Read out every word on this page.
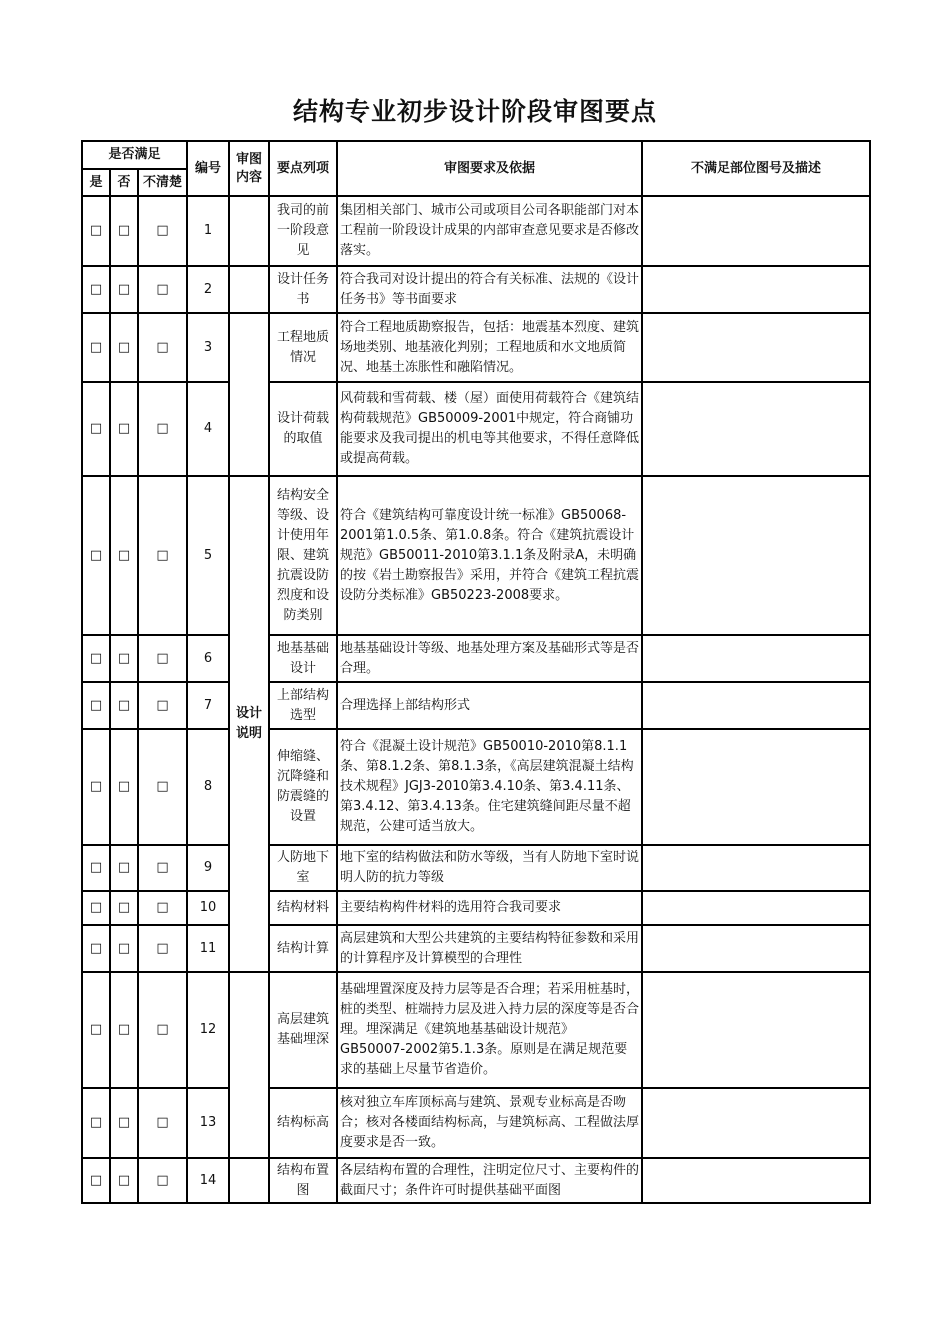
结构专业初步设计阶段审图要点
是否满足			编号	审图内容	要点列项	审图要求及依据	不满足部位图号及描述
是	否	不清楚					
□	□	□	1		我司的前一阶段意见	集团相关部门、城市公司或项目公司各职能部门对本工程前一阶段设计成果的内部审查意见要求是否修改落实。	
□	□	□	2		设计任务书	符合我司对设计提出的符合有关标准、法规的《设计任务书》等书面要求	
□	□	□	3		工程地质情况	符合工程地质勘察报告，包括：地震基本烈度、建筑场地类别、地基液化判别；工程地质和水文地质简况、地基土冻胀性和融陷情况。	
□	□	□	4		设计荷载的取值	风荷载和雪荷载、楼（屋）面使用荷载符合《建筑结构荷载规范》GB50009-2001中规定，符合商铺功能要求及我司提出的机电等其他要求，不得任意降低或提高荷载。	
□	□	□	5	设计说明	结构安全等级、设计使用年限、建筑抗震设防烈度和设防类别	符合《建筑结构可靠度设计统一标准》GB50068-2001第1.0.5条、第1.0.8条。符合《建筑抗震设计规范》GB50011-2010第3.1.1条及附录A，未明确的按《岩土勘察报告》采用，并符合《建筑工程抗震设防分类标准》GB50223-2008要求。	
□	□	□	6		地基基础设计	地基基础设计等级、地基处理方案及基础形式等是否合理。	
□	□	□	7		上部结构选型	合理选择上部结构形式	
□	□	□	8		伸缩缝、沉降缝和防震缝的设置	符合《混凝土设计规范》GB50010-2010第8.1.1条、第8.1.2条、第8.1.3条，《高层建筑混凝土结构技术规程》JGJ3-2010第3.4.10条、第3.4.11条、第3.4.12、第3.4.13条。住宅建筑缝间距尽量不超规范，公建可适当放大。	
□	□	□	9		人防地下室	地下室的结构做法和防水等级，当有人防地下室时说明人防的抗力等级	
□	□	□	10		结构材料	主要结构构件材料的选用符合我司要求	
□	□	□	11		结构计算	高层建筑和大型公共建筑的主要结构特征参数和采用的计算程序及计算模型的合理性	
□	□	□	12		高层建筑基础埋深	基础埋置深度及持力层等是否合理；若采用桩基时，桩的类型、桩端持力层及进入持力层的深度等是否合理。埋深满足《建筑地基基础设计规范》GB50007-2002第5.1.3条。原则是在满足规范要求的基础上尽量节省造价。	
□	□	□	13		结构标高	核对独立车库顶标高与建筑、景观专业标高是否吻合；核对各楼面结构标高，与建筑标高、工程做法厚度要求是否一致。	
□	□	□	14		结构布置图	各层结构布置的合理性，注明定位尺寸、主要构件的截面尺寸；条件许可时提供基础平面图	
